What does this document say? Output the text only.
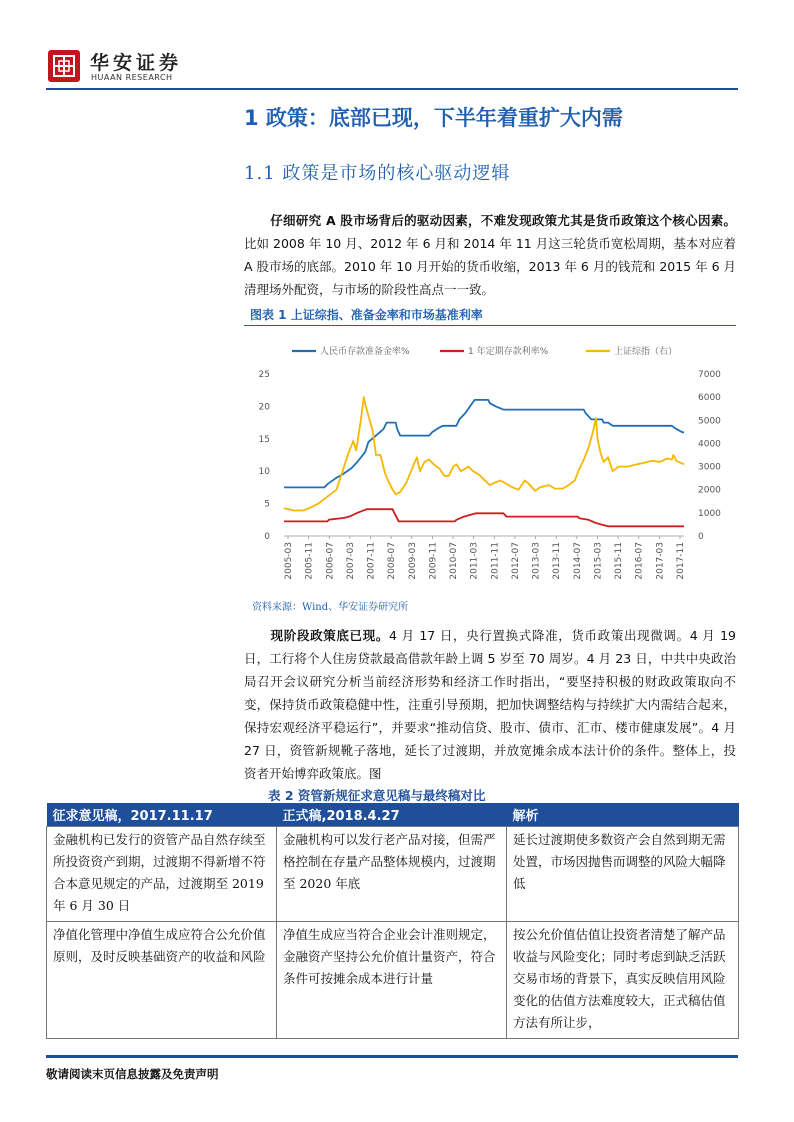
华安证券
HUAAN RESEARCH
1 政策：底部已现，下半年着重扩大内需
1.1 政策是市场的核心驱动逻辑
仔细研究 A 股市场背后的驱动因素，不难发现政策尤其是货币政策这个核心因素。比如 2008 年 10 月、2012 年 6 月和 2014 年 11 月这三轮货币宽松周期，基本对应着 A 股市场的底部。2010 年 10 月开始的货币收缩，2013 年 6 月的钱荒和 2015 年 6 月清理场外配资，与市场的阶段性高点一一致。
图表 1 上证综指、准备金率和市场基准利率
人民币存款准备金率%	1 年定期存款利率%	上证综指（右）
0
5
10
15
20
25
0
1000
2000
3000
4000
5000
6000
7000
2005-03 2005-11 2006-07 2007-03 2007-11 2008-07 2009-03 2009-11 2010-07 2011-03 2011-11 2012-07 2013-03 2013-11 2014-07 2015-03 2015-11 2016-07 2017-03 2017-11
资料来源：Wind、华安证券研究所
现阶段政策底已现。4 月 17 日，央行置换式降准，货币政策出现微调。4 月 19 日，工行将个人住房贷款最高借款年龄上调 5 岁至 70 周岁。4 月 23 日，中共中央政治局召开会议研究分析当前经济形势和经济工作时指出，“要坚持积极的财政政策取向不变，保持货币政策稳健中性，注重引导预期，把加快调整结构与持续扩大内需结合起来，保持宏观经济平稳运行”，并要求“推动信贷、股市、债市、汇市、楼市健康发展”。4 月 27 日，资管新规靴子落地，延长了过渡期，并放宽摊余成本法计价的条件。整体上，投资者开始博弈政策底。图
表 2 资管新规征求意见稿与最终稿对比
征求意见稿，2017.11.17	正式稿,2018.4.27	解析
金融机构已发行的资管产品自然存续至所投资资产到期，过渡期不得新增不符合本意见规定的产品，过渡期至 2019 年 6 月 30 日	金融机构可以发行老产品对接，但需严格控制在存量产品整体规模内，过渡期至 2020 年底	延长过渡期使多数资产会自然到期无需处置，市场因抛售而调整的风险大幅降低
净值化管理中净值生成应符合公允价值原则，及时反映基础资产的收益和风险	净值生成应当符合企业会计准则规定，金融资产坚持公允价值计量资产，符合条件可按摊余成本进行计量	按公允价值估值让投资者清楚了解产品收益与风险变化；同时考虑到缺乏活跃交易市场的背景下，真实反映信用风险变化的估值方法难度较大，正式稿估值方法有所让步，
敬请阅读末页信息披露及免责声明
